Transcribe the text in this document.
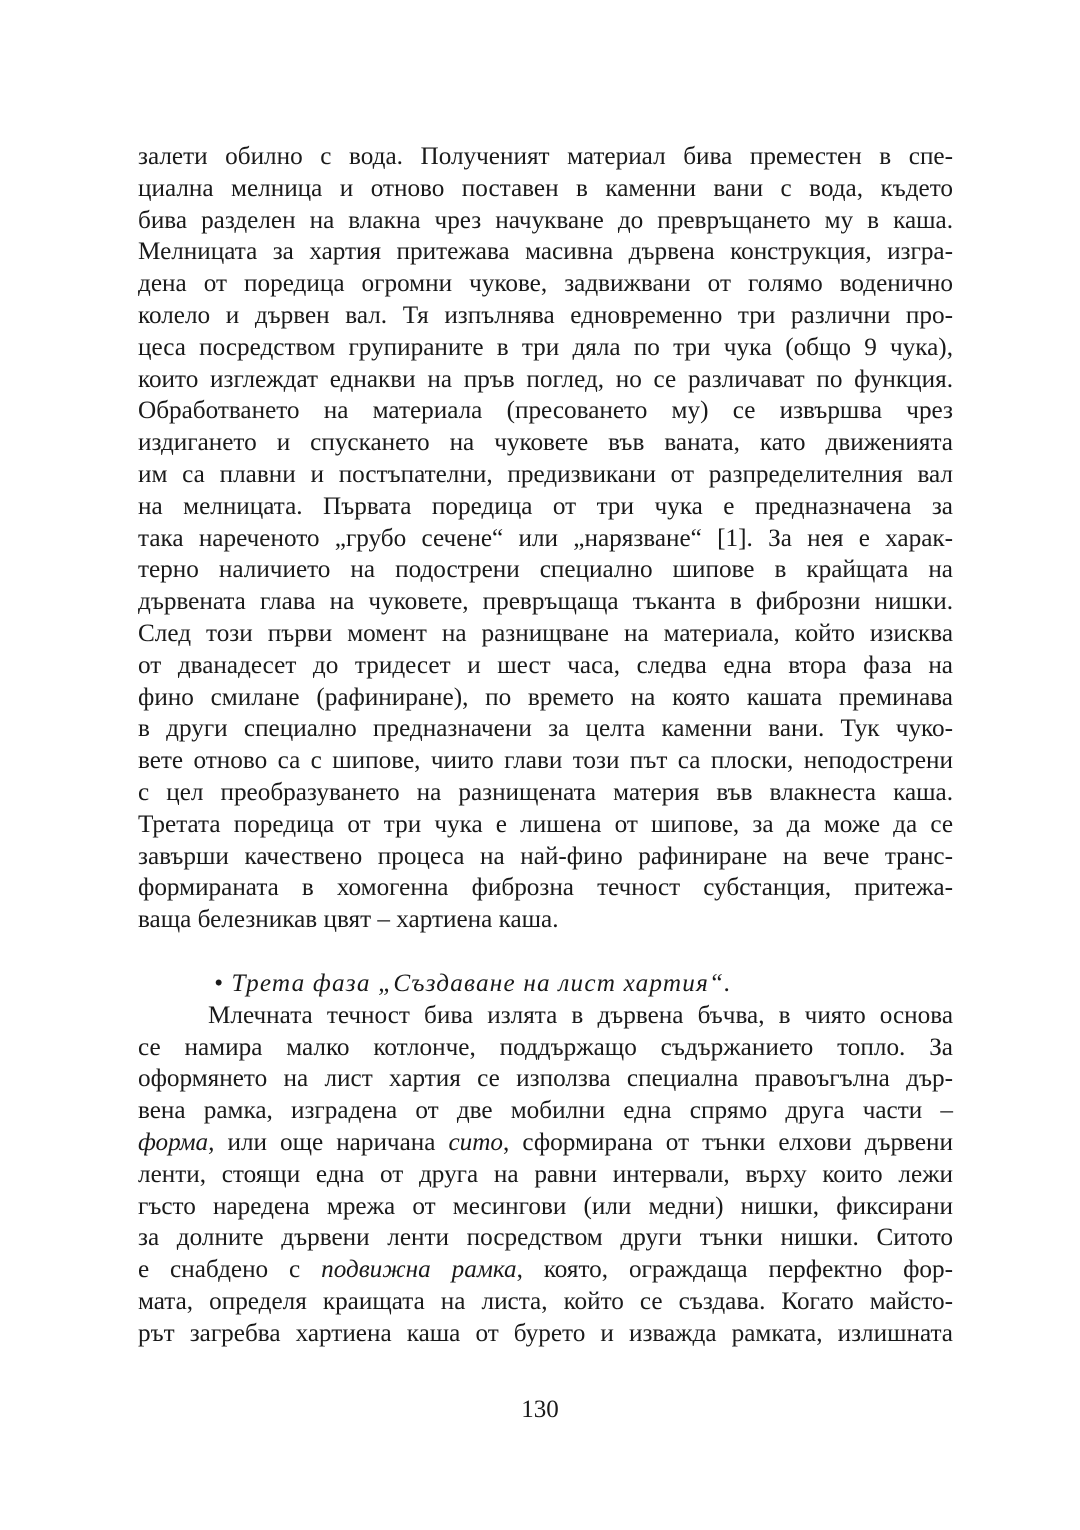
залети обилно с вода. Полученият материал бива преместен в спе-
циална мелница и отново поставен в каменни вани с вода, където
бива разделен на влакна чрез начукване до превръщането му в каша.
Мелницата за хартия притежава масивна дървена конструкция, изгра-
дена от поредица огромни чукове, задвижвани от голямо воденично
колело и дървен вал. Тя изпълнява едновременно три различни про-
цеса посредством групираните в три дяла по три чука (общо 9 чука),
които изглеждат еднакви на пръв поглед, но се различават по функция.
Обработването на материала (пресоването му) се извършва чрез
издигането и спускането на чуковете във ваната, като движенията
им са плавни и постъпателни, предизвикани от разпределителния вал
на мелницата. Първата поредица от три чука е предназначена за
така нареченото „грубо сечене“ или „нарязване“ [1]. За нея е харак-
терно наличието на подострени специално шипове в крайщата на
дървената глава на чуковете, превръщаща тъканта в фиброзни нишки.
След този първи момент на разнищване на материала, който изисква
от дванадесет до тридесет и шест часа, следва една втора фаза на
фино смилане (рафиниране), по времето на която кашата преминава
в други специално предназначени за целта каменни вани. Тук чуко-
вете отново са с шипове, чиито глави този път са плоски, неподострени
с цел преобразуването на разнищената материя във влакнеста каша.
Третата поредица от три чука е лишена от шипове, за да може да се
завърши качествено процеса на най-фино рафиниране на вече транс-
формираната в хомогенна фиброзна течност субстанция, притежа-
ваща белезникав цвят – хартиена каша.
• Трета фаза „Създаване на лист хартия“.
Млечната течност бива излята в дървена бъчва, в чиято основа
се намира малко котлонче, поддържащо съдържанието топло. За
оформянето на лист хартия се използва специална правоъгълна дър-
вена рамка, изградена от две мобилни една спрямо друга части –
форма, или още наричана сито, сформирана от тънки елхови дървени
ленти, стоящи една от друга на равни интервали, върху които лежи
гъсто наредена мрежа от месингови (или медни) нишки, фиксирани
за долните дървени ленти посредством други тънки нишки. Ситото
е снабдено с подвижна рамка, която, ограждаща перфектно фор-
мата, определя краищата на листа, който се създава. Когато майсто-
рът загребва хартиена каша от бурето и изважда рамката, излишната
130
